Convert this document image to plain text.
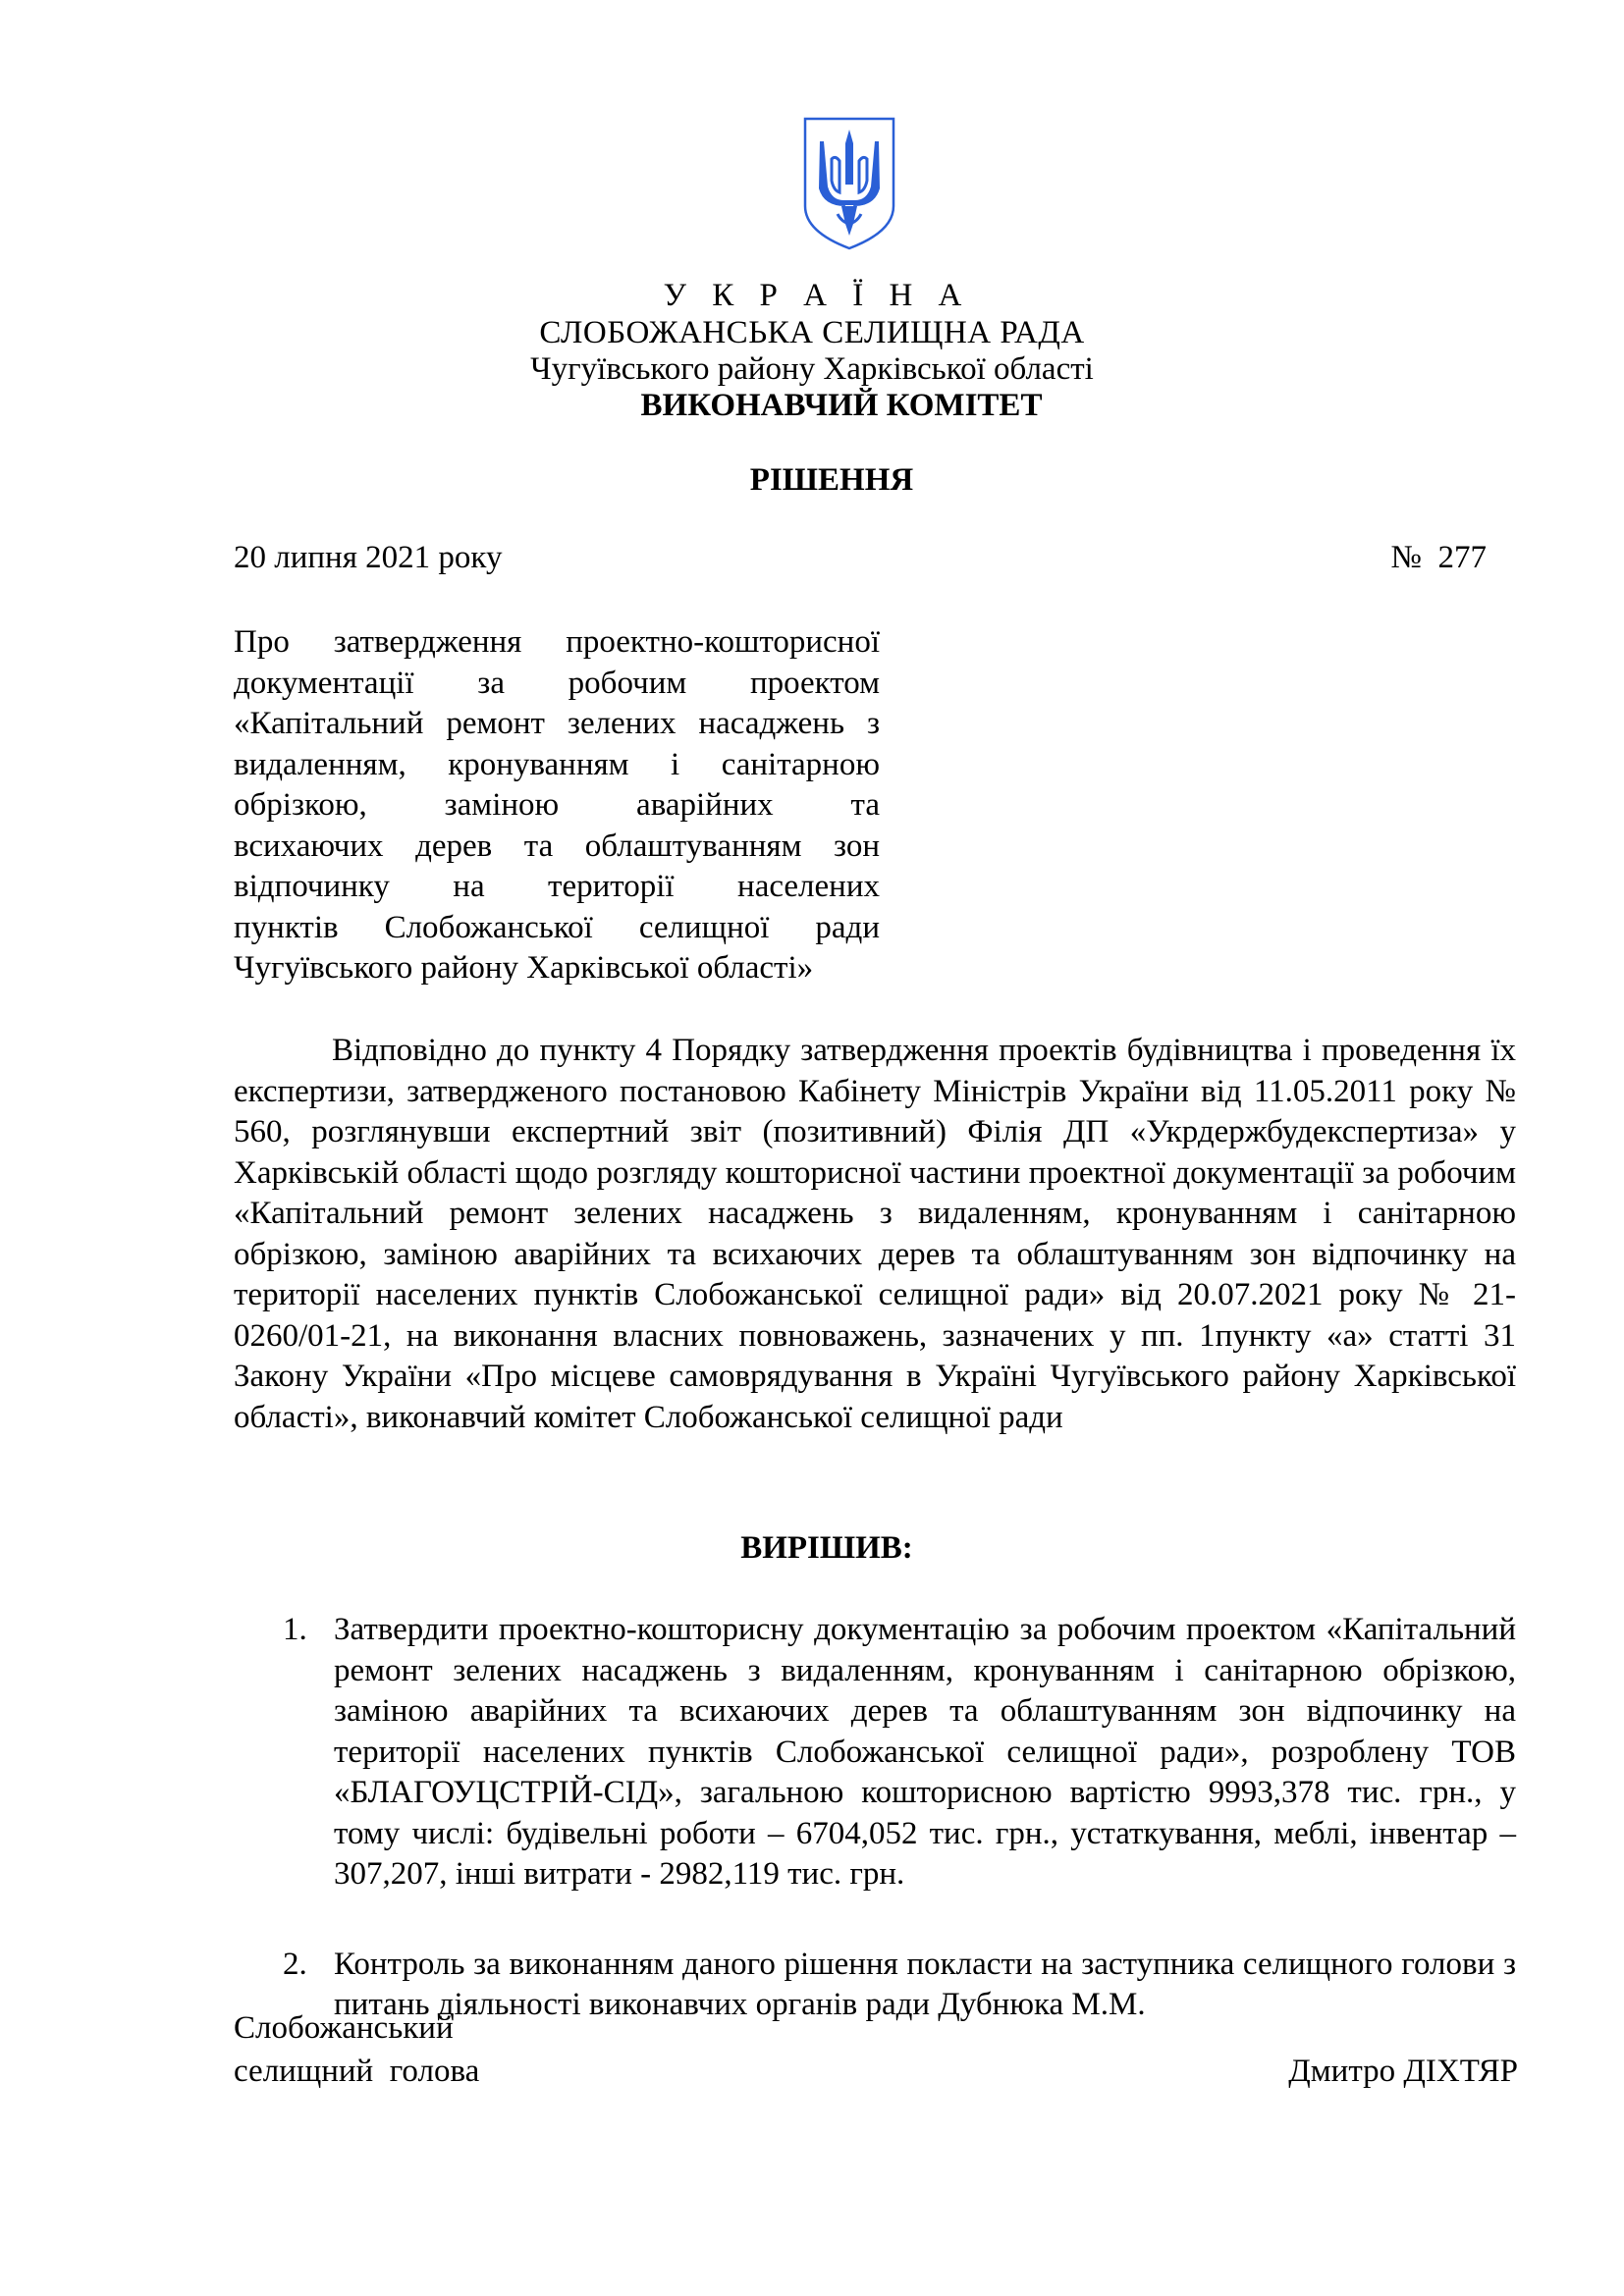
У К Р А Ї Н А
СЛОБОЖАНСЬКА СЕЛИЩНА РАДА
Чугуївського району Харківської області
ВИКОНАВЧИЙ КОМІТЕТ
РІШЕННЯ
20 липня 2021 року	№  277
Про затвердження проектно-кошторисної
документації за робочим проектом
«Капітальний ремонт зелених насаджень з
видаленням, кронуванням і санітарною
обрізкою, заміною аварійних та
всихаючих дерев та облаштуванням зон
відпочинку на території населених
пунктів Слобожанської селищної ради
Чугуївського району Харківської області»

Відповідно до пункту 4 Порядку затвердження проектів будівництва і проведення їх експертизи, затвердженого постановою Кабінету Міністрів України від 11.05.2011 року № 560, розглянувши експертний звіт (позитивний) Філія ДП «Укрдержбудекспертиза» у Харківській області щодо розгляду кошторисної частини проектної документації за робочим «Капітальний ремонт зелених насаджень з видаленням, кронуванням і санітарною обрізкою, заміною аварійних та всихаючих дерев та облаштуванням зон відпочинку на території населених пунктів Слобожанської селищної ради» від 20.07.2021 року № 21-0260/01-21, на виконання власних повноважень, зазначених у пп. 1пункту «а» статті 31 Закону України «Про місцеве самоврядування в Україні Чугуївського району Харківської області», виконавчий комітет Слобожанської селищної ради

ВИРІШИВ:

1. Затвердити проектно-кошторисну документацію за робочим проектом «Капітальний ремонт зелених насаджень з видаленням, кронуванням і санітарною обрізкою, заміною аварійних та всихаючих дерев та облаштуванням зон відпочинку на території населених пунктів Слобожанської селищної ради», розроблену ТОВ «БЛАГОУЦСТРІЙ-СІД», загальною кошторисною вартістю 9993,378 тис. грн., у тому числі: будівельні роботи – 6704,052 тис. грн., устаткування, меблі, інвентар – 307,207, інші витрати - 2982,119 тис. грн.

2. Контроль за виконанням даного рішення покласти на заступника селищного голови з питань діяльності виконавчих органів ради Дубнюка М.М.

Слобожанський
селищний  голова	Дмитро ДІХТЯР
